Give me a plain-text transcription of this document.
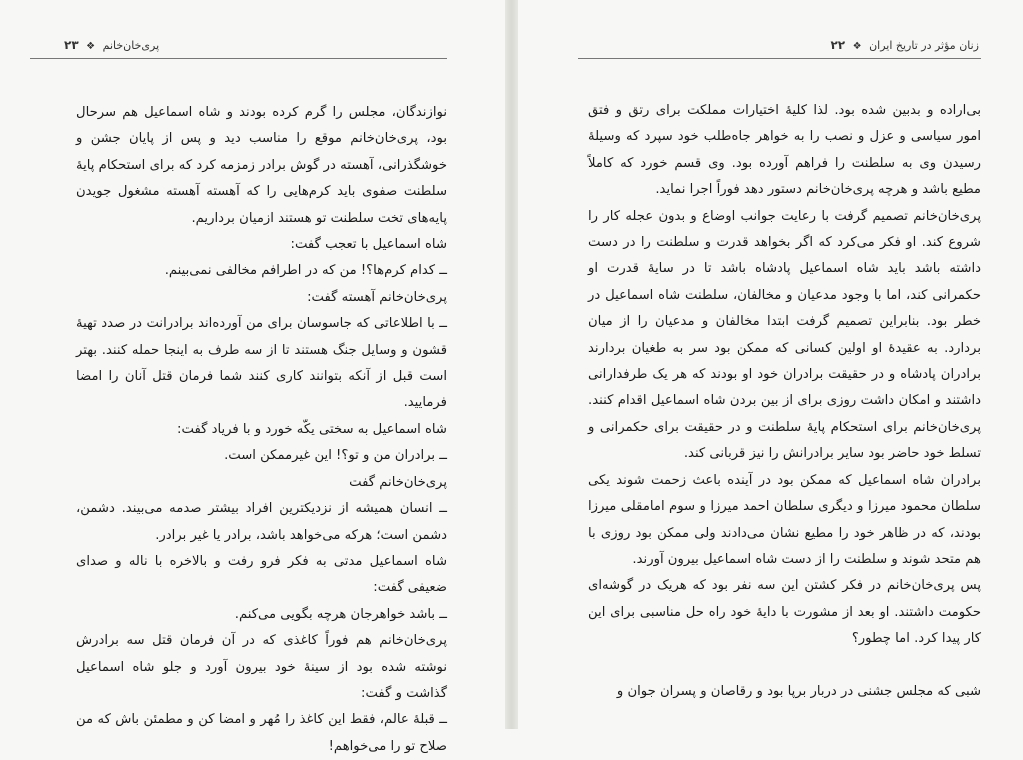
پری‌خان‌خانم ❖ ۲۳

نوازندگان، مجلس را گرم کرده بودند و شاه اسماعیل هم سرحال بود، پری‌خان‌خانم موقع را مناسب دید و پس از پایان جشن و خوشگذرانی، آهسته در گوش برادر زمزمه کرد که برای استحکام پایهٔ سلطنت صفوی باید کرم‌هایی را که آهسته آهسته مشغول جویدن پایه‌های تخت سلطنت تو هستند ازمیان برداریم.

شاه اسماعیل با تعجب گفت:

ــ کدام کرم‌ها؟! من که در اطرافم مخالفی نمی‌بینم.

پری‌خان‌خانم آهسته گفت:

ــ با اطلاعاتی که جاسوسان برای من آورده‌اند برادرانت در صدد تهیهٔ قشون و وسایل جنگ هستند تا از سه طرف به اینجا حمله کنند. بهتر است قبل از آنکه بتوانند کاری کنند شما فرمان قتل آنان را امضا فرمایید.

شاه اسماعیل به سختی یکّه خورد و با فریاد گفت:

ــ برادران من و تو؟! این غیرممکن است.

پری‌خان‌خانم گفت

ــ انسان همیشه از نزدیکترین افراد بیشتر صدمه می‌بیند. دشمن، دشمن است؛ هرکه می‌خواهد باشد، برادر یا غیر برادر.

شاه اسماعیل مدتی به فکر فرو رفت و بالاخره با ناله و صدای ضعیفی گفت:

ــ باشد خواهرجان هرچه بگویی می‌کنم.

پری‌خان‌خانم هم فوراً کاغذی که در آن فرمان قتل سه برادرش نوشته شده بود از سینهٔ خود بیرون آورد و جلو شاه اسماعیل گذاشت و گفت:

ــ قبلهٔ عالم، فقط این کاغذ را مُهر و امضا کن و مطمئن باش که من صلاح تو را می‌خواهم!

زنان مؤثر در تاریخ ایران ❖ ۲۲

بی‌اراده و بدبین شده بود. لذا کلیهٔ اختیارات مملکت برای رتق و فتق امور سیاسی و عزل و نصب را به خواهر جاه‌طلب خود سپرد که وسیلهٔ رسیدن وی به سلطنت را فراهم آورده بود. وی قسم خورد که کاملاً مطیع باشد و هرچه پری‌خان‌خانم دستور دهد فوراً اجرا نماید.

پری‌خان‌خانم تصمیم گرفت با رعایت جوانب اوضاع و بدون عجله کار را شروع کند. او فکر می‌کرد که اگر بخواهد قدرت و سلطنت را در دست داشته باشد باید شاه اسماعیل پادشاه باشد تا در سایهٔ قدرت او حکمرانی کند، اما با وجود مدعیان و مخالفان، سلطنت شاه اسماعیل در خطر بود. بنابراین تصمیم گرفت ابتدا مخالفان و مدعیان را از میان بردارد. به عقیدهٔ او اولین کسانی که ممکن بود سر به طغیان بردارند برادران پادشاه و در حقیقت برادران خود او بودند که هر یک طرفدارانی داشتند و امکان داشت روزی برای از بین بردن شاه اسماعیل اقدام کنند. پری‌خان‌خانم برای استحکام پایهٔ سلطنت و در حقیقت برای حکمرانی و تسلط خود حاضر بود سایر برادرانش را نیز قربانی کند.

برادران شاه اسماعیل که ممکن بود در آینده باعث زحمت شوند یکی سلطان محمود میرزا و دیگری سلطان احمد میرزا و سوم امامقلی میرزا بودند، که در ظاهر خود را مطیع نشان می‌دادند ولی ممکن بود روزی با هم متحد شوند و سلطنت را از دست شاه اسماعیل بیرون آورند.

پس پری‌خان‌خانم در فکر کشتن این سه نفر بود که هریک در گوشه‌ای حکومت داشتند. او بعد از مشورت با دایهٔ خود راه حل مناسبی برای این کار پیدا کرد. اما چطور؟

شبی که مجلس جشنی در دربار برپا بود و رقاصان و پسران جوان و
